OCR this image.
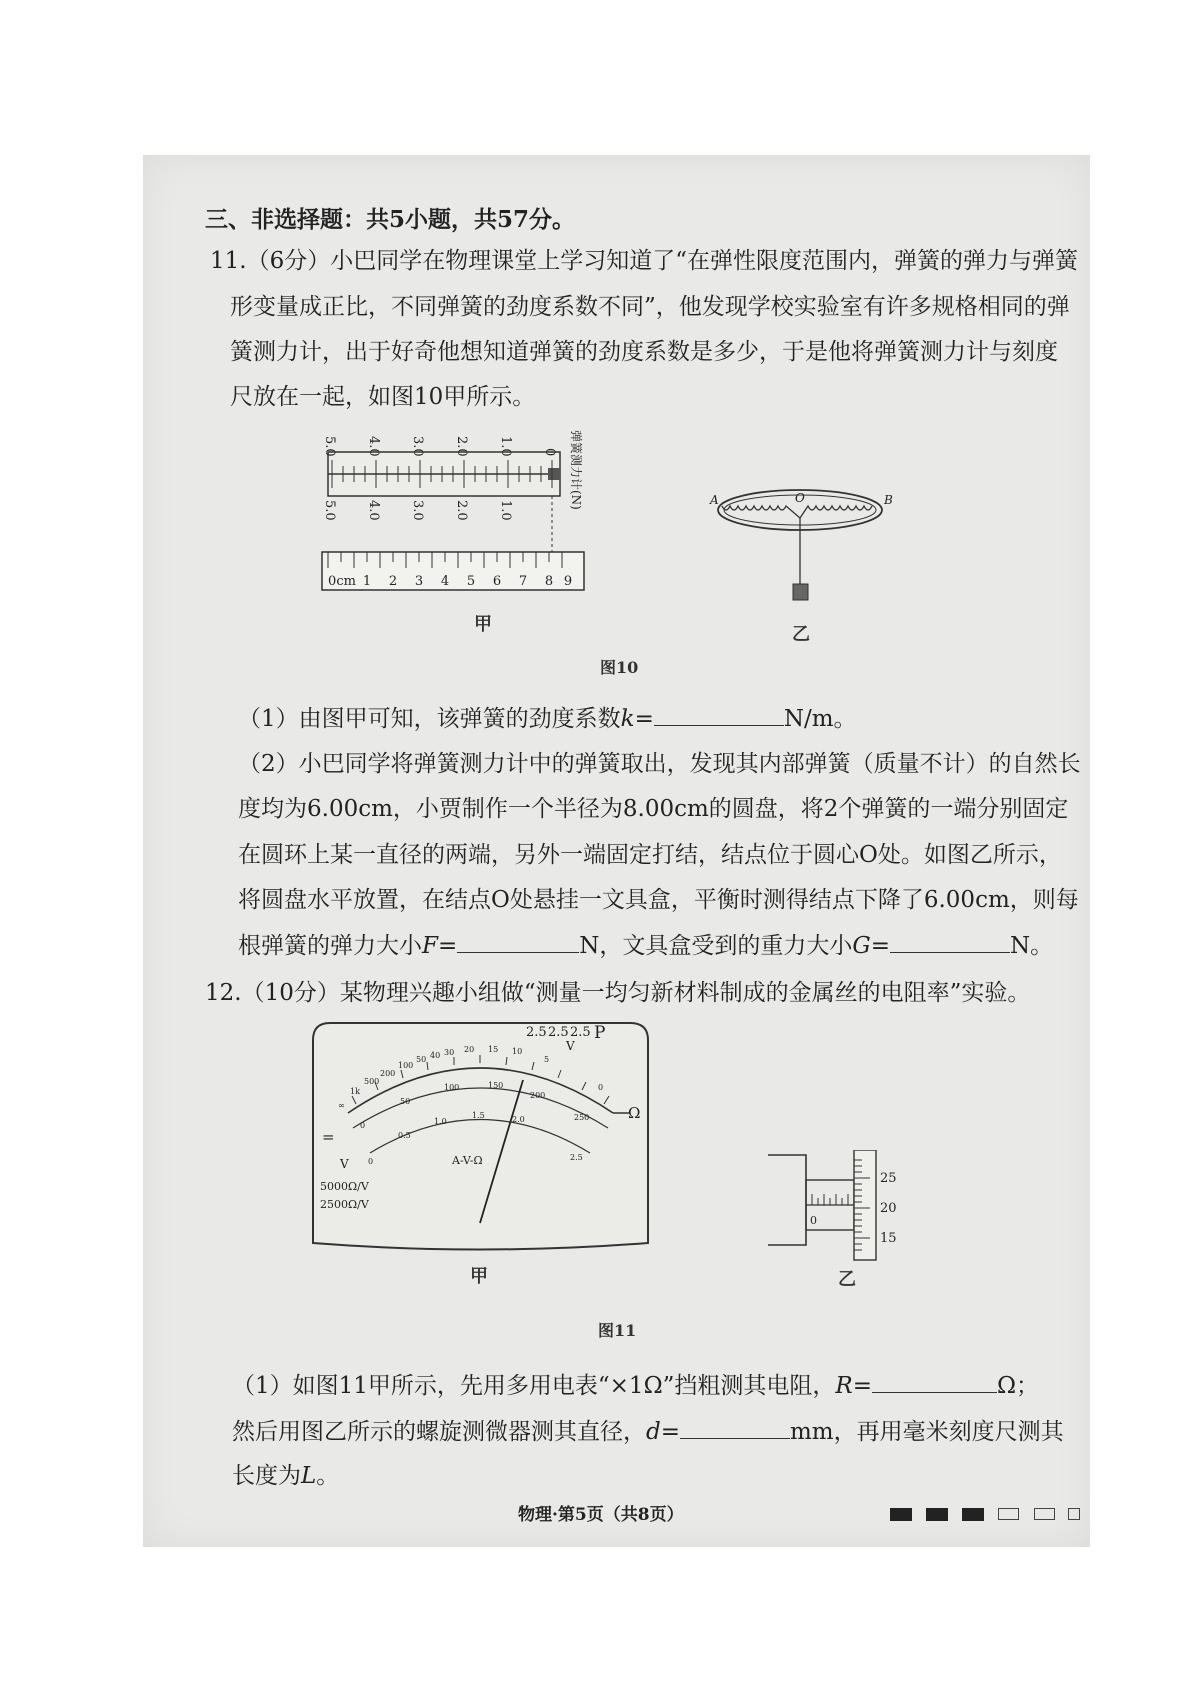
三、非选择题：共5小题，共57分。
11.（6分）小巴同学在物理课堂上学习知道了“在弹性限度范围内，弹簧的弹力与弹簧
形变量成正比，不同弹簧的劲度系数不同”，他发现学校实验室有许多规格相同的弹
簧测力计，出于好奇他想知道弹簧的劲度系数是多少，于是他将弹簧测力计与刻度
尺放在一起，如图10甲所示。
0
1.0
2.0
3.0
4.0
5.0
1.0
2.0
3.0
4.0
5.0
弹簧测力计(N)
0cm 1 2 3 4 5 6 7 8 9
甲
A	B
O
乙
图10
（1）由图甲可知，该弹簧的劲度系数k=	N/m。
（2）小巴同学将弹簧测力计中的弹簧取出，发现其内部弹簧（质量不计）的自然长
度均为6.00cm，小贾制作一个半径为8.00cm的圆盘，将2个弹簧的一端分别固定
在圆环上某一直径的两端，另外一端固定打结，结点位于圆心O处。如图乙所示，
将圆盘水平放置，在结点O处悬挂一文具盒，平衡时测得结点下降了6.00cm，则每
根弹簧的弹力大小F=	N，文具盒受到的重力大小G=	N。
12.（10分）某物理兴趣小组做“测量一均匀新材料制成的金属丝的电阻率”实验。
2.5 2.5 2.5 P
V
∞
1k
500
200
100
50 40 30 20 15 10
5
0
0
50
100	150
200
250
0
0.5
1.0
1.5	2.0
2.5
Ω
=
V	A-V-Ω
5000Ω/V
2500Ω/V
甲
25
20
15
0
乙
图11
（1）如图11甲所示，先用多用电表“×1Ω”挡粗测其电阻，R=	Ω；
然后用图乙所示的螺旋测微器测其直径，d=	mm，再用毫米刻度尺测其
长度为L。
物理·第5页（共8页）
